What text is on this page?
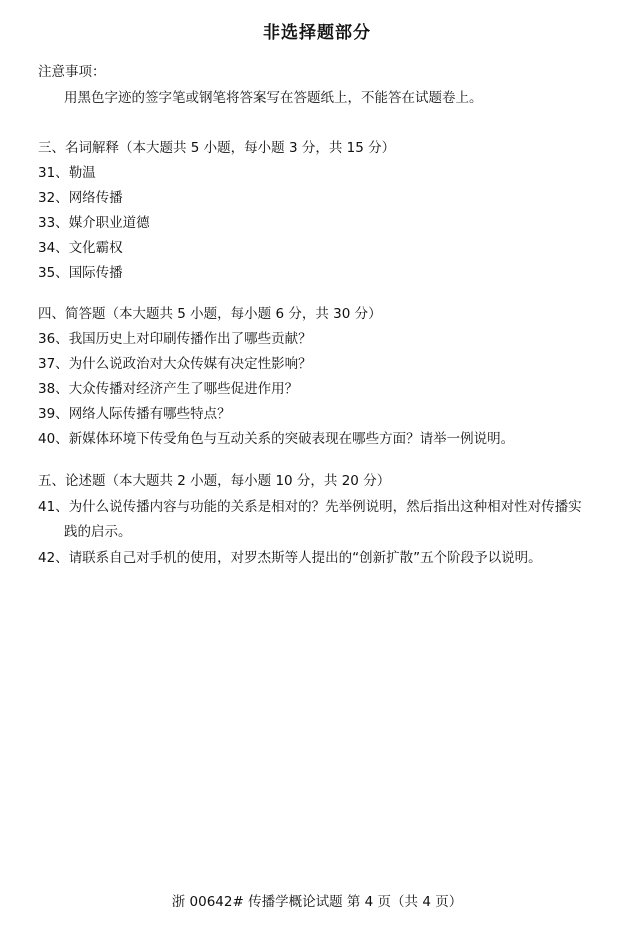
非选择题部分
注意事项：
用黑色字迹的签字笔或钢笔将答案写在答题纸上，不能答在试题卷上。
三、名词解释（本大题共 5 小题，每小题 3 分，共 15 分）
31、勒温
32、网络传播
33、媒介职业道德
34、文化霸权
35、国际传播
四、简答题（本大题共 5 小题，每小题 6 分，共 30 分）
36、我国历史上对印刷传播作出了哪些贡献？
37、为什么说政治对大众传媒有决定性影响？
38、大众传播对经济产生了哪些促进作用？
39、网络人际传播有哪些特点？
40、新媒体环境下传受角色与互动关系的突破表现在哪些方面？请举一例说明。
五、论述题（本大题共 2 小题，每小题 10 分，共 20 分）
41、为什么说传播内容与功能的关系是相对的？先举例说明，然后指出这种相对性对传播实
践的启示。
42、请联系自己对手机的使用，对罗杰斯等人提出的“创新扩散”五个阶段予以说明。
浙 00642# 传播学概论试题 第 4 页（共 4 页）
